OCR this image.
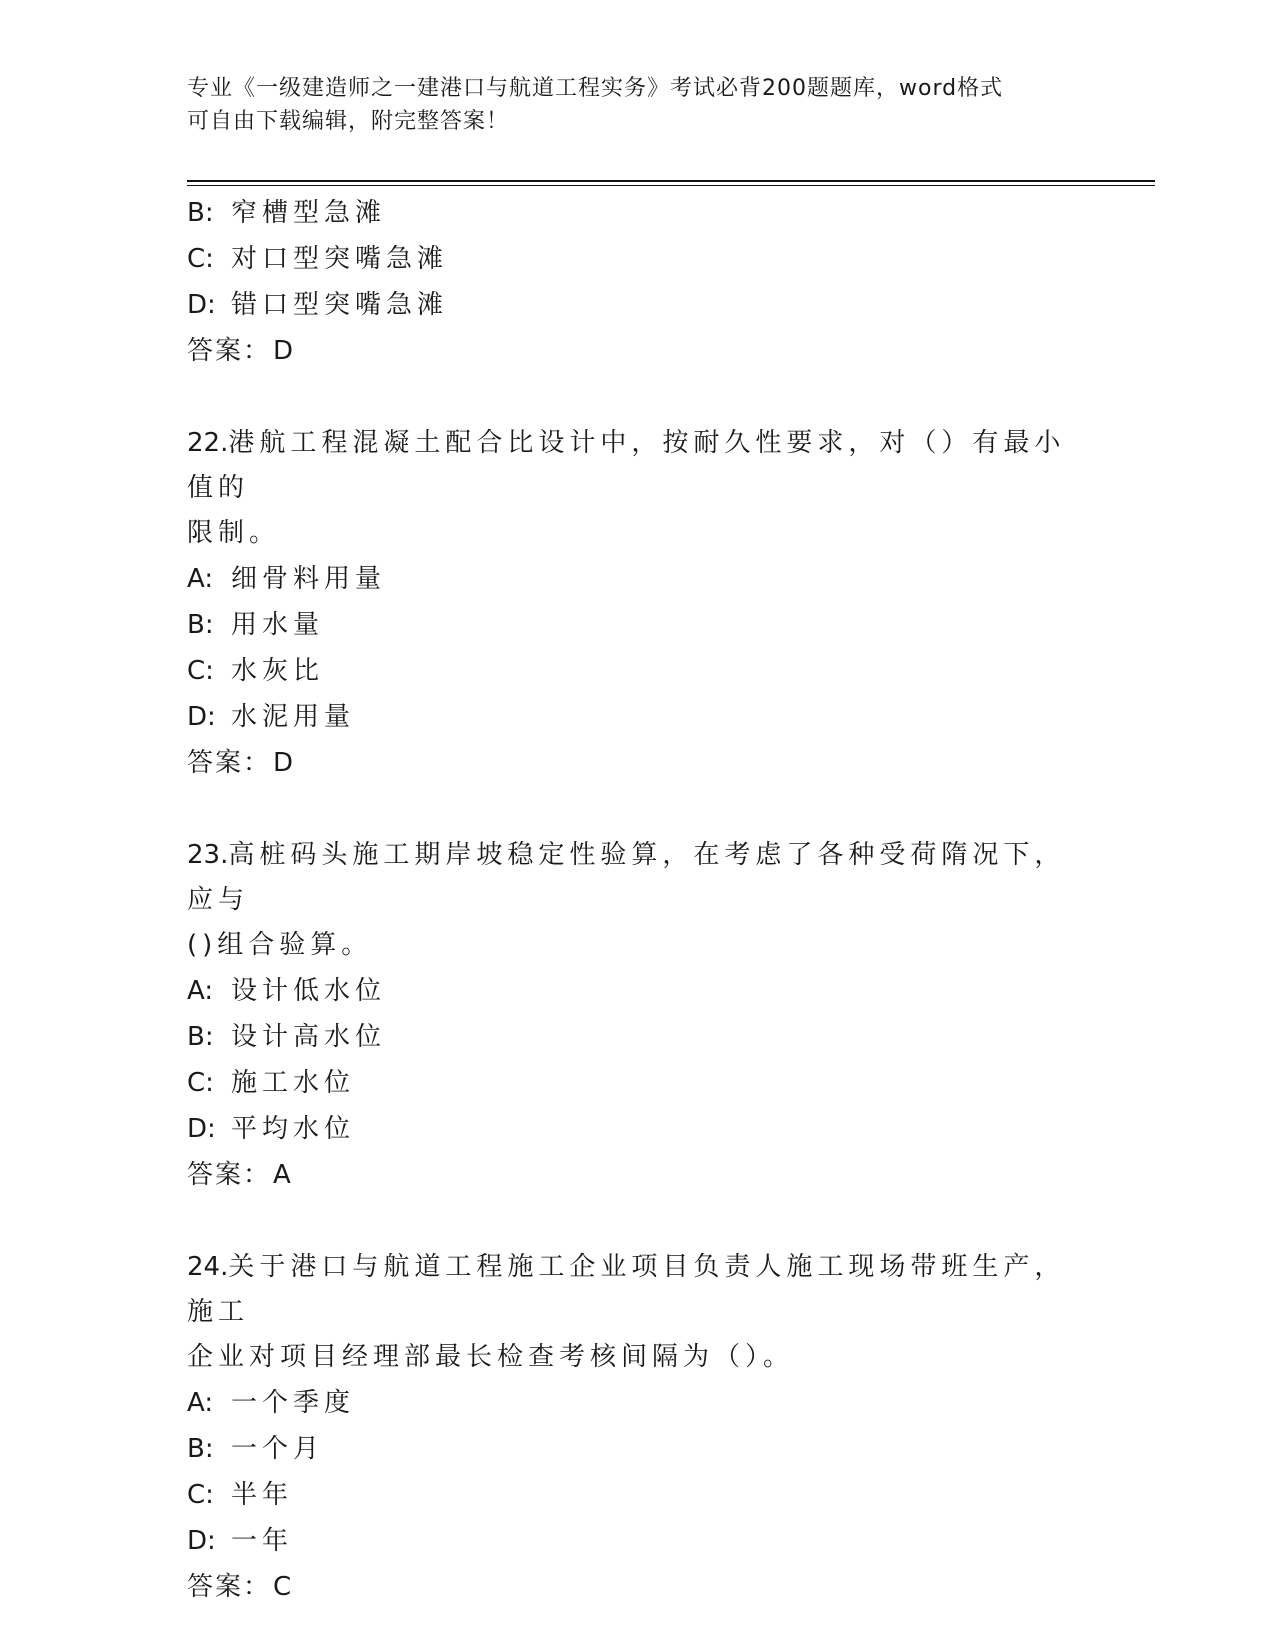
专业《一级建造师之一建港口与航道工程实务》考试必背200题题库，word格式
可自由下载编辑，附完整答案！
B: 窄槽型急滩
C: 对口型突嘴急滩
D: 错口型突嘴急滩
答案：D
22.港航工程混凝土配合比设计中，按耐久性要求，对（）有最小值的
限制。
A: 细骨料用量
B: 用水量
C: 水灰比
D: 水泥用量
答案：D
23.高桩码头施工期岸坡稳定性验算，在考虑了各种受荷隋况下，应与
()组合验算。
A: 设计低水位
B: 设计高水位
C: 施工水位
D: 平均水位
答案：A
24.关于港口与航道工程施工企业项目负责人施工现场带班生产，施工
企业对项目经理部最长检查考核间隔为（）。
A: 一个季度
B: 一个月
C: 半年
D: 一年
答案：C
